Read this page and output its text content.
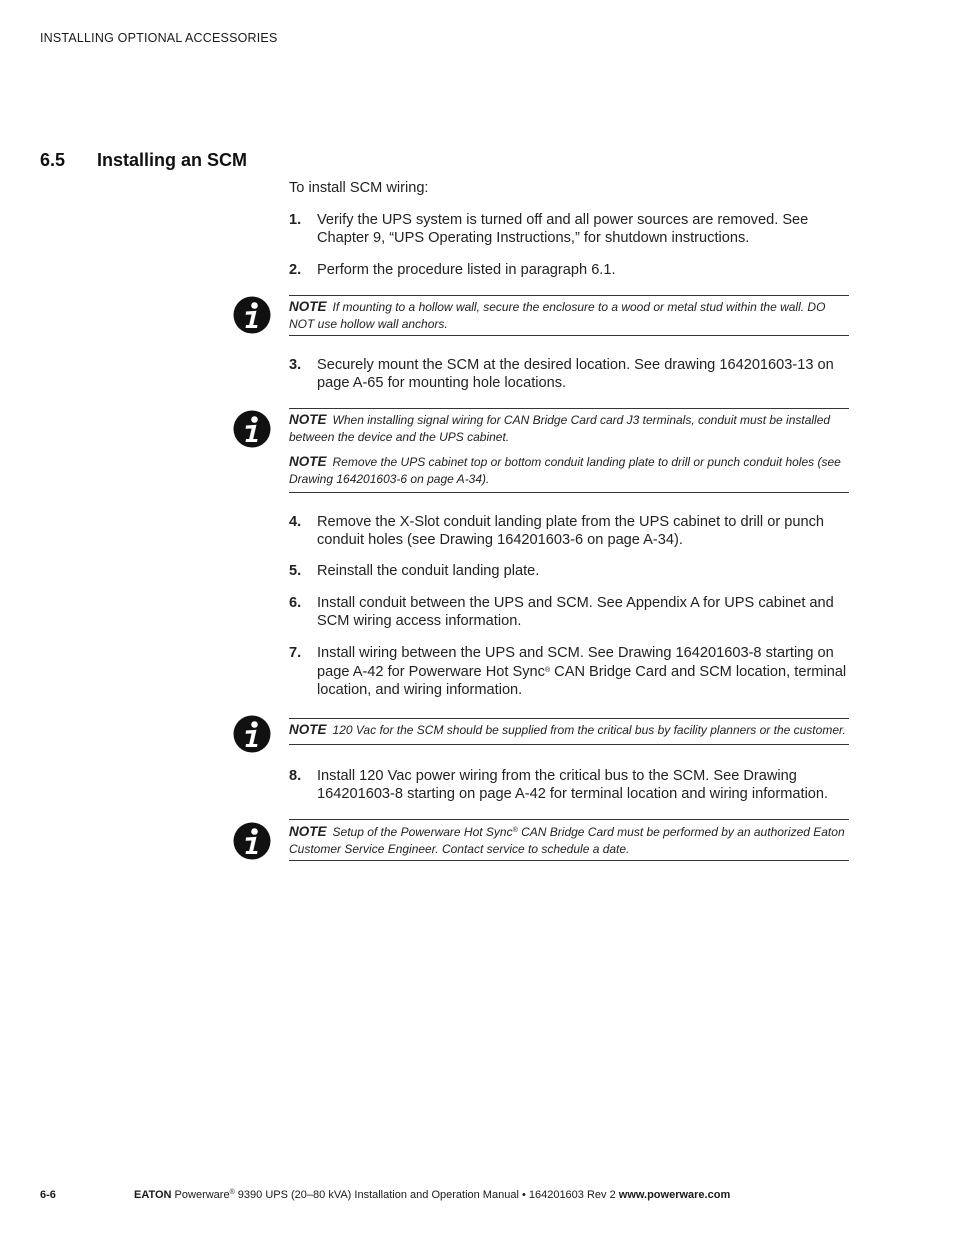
INSTALLING OPTIONAL ACCESSORIES
6.5 Installing an SCM
To install SCM wiring:
1. Verify the UPS system is turned off and all power sources are removed. See Chapter 9, “UPS Operating Instructions,” for shutdown instructions.
2. Perform the procedure listed in paragraph 6.1.

NOTE If mounting to a hollow wall, secure the enclosure to a wood or metal stud within the wall. DO NOT use hollow wall anchors.

3. Securely mount the SCM at the desired location. See drawing 164201603-13 on page A-65 for mounting hole locations.

NOTE When installing signal wiring for CAN Bridge Card card J3 terminals, conduit must be installed between the device and the UPS cabinet.

NOTE Remove the UPS cabinet top or bottom conduit landing plate to drill or punch conduit holes (see Drawing 164201603-6 on page A-34).

4. Remove the X-Slot conduit landing plate from the UPS cabinet to drill or punch conduit holes (see Drawing 164201603-6 on page A-34).
5. Reinstall the conduit landing plate.
6. Install conduit between the UPS and SCM. See Appendix A for UPS cabinet and SCM wiring access information.
7. Install wiring between the UPS and SCM. See Drawing 164201603-8 starting on page A-42 for Powerware Hot Sync® CAN Bridge Card and SCM location, terminal location, and wiring information.

NOTE 120 Vac for the SCM should be supplied from the critical bus by facility planners or the customer.

8. Install 120 Vac power wiring from the critical bus to the SCM. See Drawing 164201603-8 starting on page A-42 for terminal location and wiring information.

NOTE Setup of the Powerware Hot Sync® CAN Bridge Card must be performed by an authorized Eaton Customer Service Engineer. Contact service to schedule a date.

6-6	EATON Powerware® 9390 UPS (20–80 kVA) Installation and Operation Manual • 164201603 Rev 2 www.powerware.com
